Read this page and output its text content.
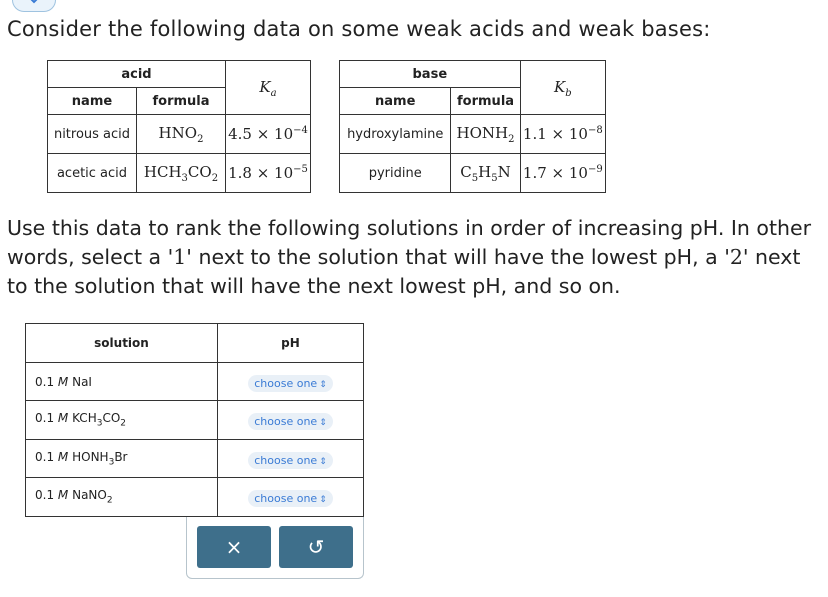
Consider the following data on some weak acids and weak bases:
acid		$K_a$
name	formula	
nitrous acid	$HNO_2$	$4.5 \times 10^{-4}$
acetic acid	$HCH_3CO_2$	$1.8 \times 10^{-5}$
base		$K_b$
name	formula	
hydroxylamine	$HONH_2$	$1.1 \times 10^{-8}$
pyridine	$C_5H_5N$	$1.7 \times 10^{-9}$
Use this data to rank the following solutions in order of increasing pH. In other words, select a '1' next to the solution that will have the lowest pH, a '2' next to the solution that will have the next lowest pH, and so on.
solution	pH
0.1 M NaI	choose one ⇕
0.1 M $KCH_3CO_2$	choose one ⇕
0.1 M $HONH_3Br$	choose one ⇕
0.1 M NaNO$_2$	choose one ⇕
×	↺
